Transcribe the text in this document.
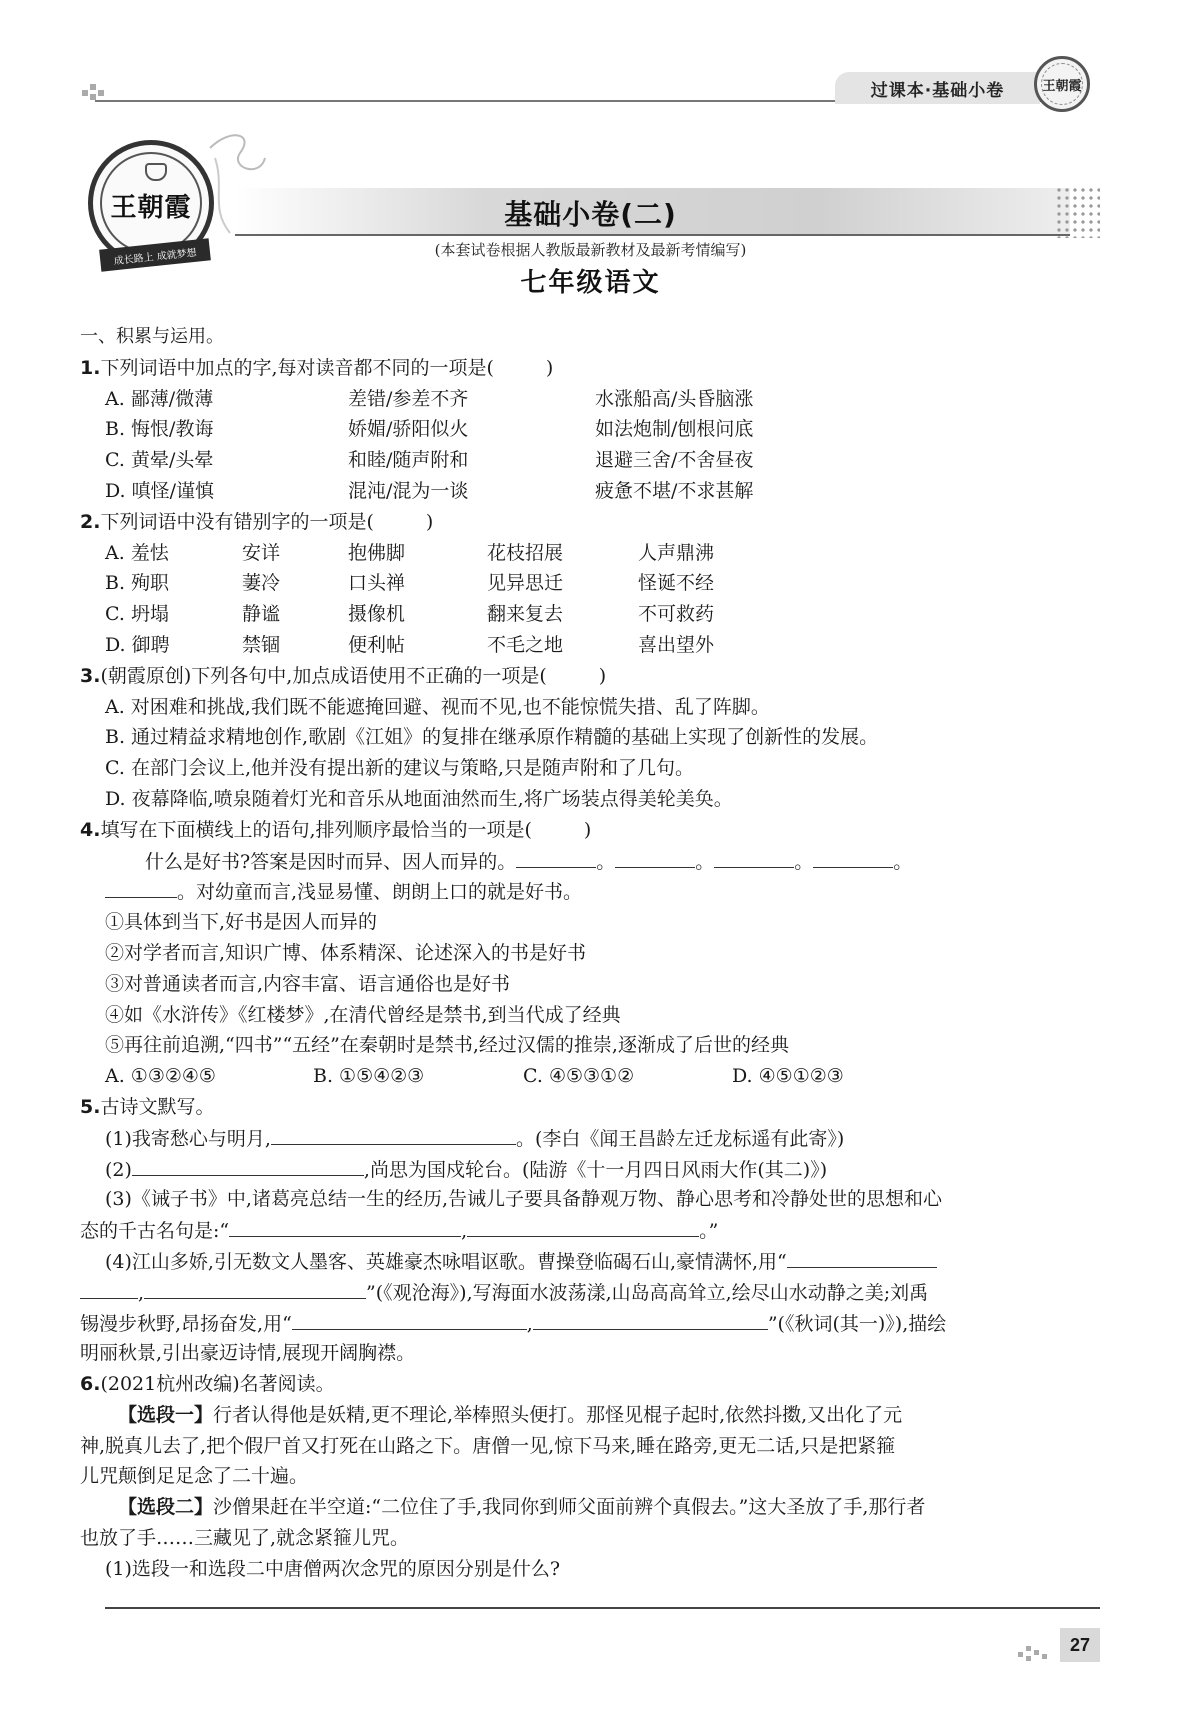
过课本·基础小卷	王朝霞
王朝霞
成长路上 成就梦想
基础小卷(二)
(本套试卷根据人教版最新教材及最新考情编写)
七年级语文
一、积累与运用。
1.下列词语中加点的字,每对读音都不同的一项是(	)
A. 鄙薄/微薄	差错/参差不齐	水涨船高/头昏脑涨
B. 悔恨/教诲	娇媚/骄阳似火	如法炮制/刨根问底
C. 黄晕/头晕	和睦/随声附和	退避三舍/不舍昼夜
D. 嗔怪/谨慎	混沌/混为一谈	疲惫不堪/不求甚解
2.下列词语中没有错别字的一项是(	)
A. 羞怯	安详	抱佛脚	花枝招展	人声鼎沸
B. 殉职	萋冷	口头禅	见异思迁	怪诞不经
C. 坍塌	静谧	摄像机	翻来复去	不可救药
D. 御聘	禁锢	便利帖	不毛之地	喜出望外
3.(朝霞原创)下列各句中,加点成语使用不正确的一项是(	)
A. 对困难和挑战,我们既不能遮掩回避、视而不见,也不能惊慌失措、乱了阵脚。
B. 通过精益求精地创作,歌剧《江姐》的复排在继承原作精髓的基础上实现了创新性的发展。
C. 在部门会议上,他并没有提出新的建议与策略,只是随声附和了几句。
D. 夜幕降临,喷泉随着灯光和音乐从地面油然而生,将广场装点得美轮美奂。
4.填写在下面横线上的语句,排列顺序最恰当的一项是(	)
什么是好书?答案是因时而异、因人而异的。	。	。	。	。
。对幼童而言,浅显易懂、朗朗上口的就是好书。
①具体到当下,好书是因人而异的
②对学者而言,知识广博、体系精深、论述深入的书是好书
③对普通读者而言,内容丰富、语言通俗也是好书
④如《水浒传》《红楼梦》,在清代曾经是禁书,到当代成了经典
⑤再往前追溯,“四书”“五经”在秦朝时是禁书,经过汉儒的推崇,逐渐成了后世的经典
A. ①③②④⑤	B. ①⑤④②③	C. ④⑤③①②	D. ④⑤①②③
5.古诗文默写。
(1)我寄愁心与明月,	。(李白《闻王昌龄左迁龙标遥有此寄》)
(2)	,尚思为国戍轮台。(陆游《十一月四日风雨大作(其二)》)
(3)《诫子书》中,诸葛亮总结一生的经历,告诫儿子要具备静观万物、静心思考和冷静处世的思想和心
态的千古名句是:“	,	。”
(4)江山多娇,引无数文人墨客、英雄豪杰咏唱讴歌。曹操登临碣石山,豪情满怀,用“
,	”(《观沧海》),写海面水波荡漾,山岛高高耸立,绘尽山水动静之美;刘禹
锡漫步秋野,昂扬奋发,用“	,	”(《秋词(其一)》),描绘
明丽秋景,引出豪迈诗情,展现开阔胸襟。
6.(2021杭州改编)名著阅读。
【选段一】行者认得他是妖精,更不理论,举棒照头便打。那怪见棍子起时,依然抖擞,又出化了元
神,脱真儿去了,把个假尸首又打死在山路之下。唐僧一见,惊下马来,睡在路旁,更无二话,只是把紧箍
儿咒颠倒足足念了二十遍。
【选段二】沙僧果赶在半空道:“二位住了手,我同你到师父面前辨个真假去。”这大圣放了手,那行者
也放了手……三藏见了,就念紧箍儿咒。
(1)选段一和选段二中唐僧两次念咒的原因分别是什么?
27
